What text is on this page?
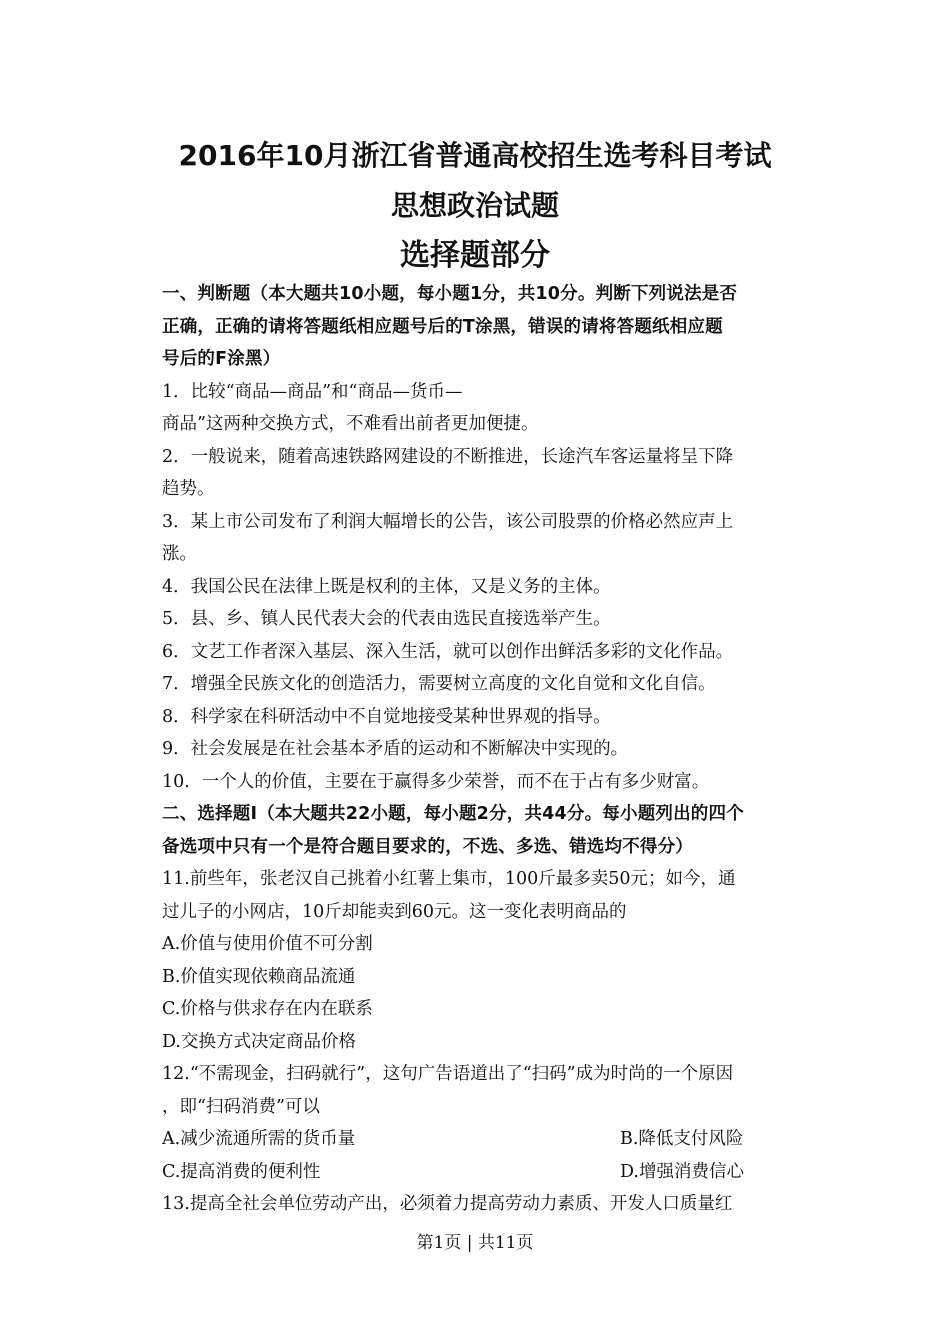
2016年10月浙江省普通高校招生选考科目考试
思想政治试题
选择题部分
一、判断题（本大题共10小题，每小题1分，共10分。判断下列说法是否
正确，正确的请将答题纸相应题号后的T涂黑，错误的请将答题纸相应题
号后的F涂黑）
1．比较“商品—商品”和“商品—货币—
商品”这两种交换方式，不难看出前者更加便捷。
2．一般说来，随着高速铁路网建设的不断推进，长途汽车客运量将呈下降
趋势。
3．某上市公司发布了利润大幅增长的公告，该公司股票的价格必然应声上
涨。
4．我国公民在法律上既是权利的主体，又是义务的主体。
5．县、乡、镇人民代表大会的代表由选民直接选举产生。
6．文艺工作者深入基层、深入生活，就可以创作出鲜活多彩的文化作品。
7．增强全民族文化的创造活力，需要树立高度的文化自觉和文化自信。
8．科学家在科研活动中不自觉地接受某种世界观的指导。
9．社会发展是在社会基本矛盾的运动和不断解决中实现的。
10．一个人的价值，主要在于赢得多少荣誉，而不在于占有多少财富。
二、选择题I（本大题共22小题，每小题2分，共44分。每小题列出的四个
备选项中只有一个是符合题目要求的，不选、多选、错选均不得分）
11.前些年，张老汉自己挑着小红薯上集市，100斤最多卖50元；如今，通
过儿子的小网店，10斤却能卖到60元。这一变化表明商品的
A.价值与使用价值不可分割
B.价值实现依赖商品流通
C.价格与供求存在内在联系
D.交换方式决定商品价格
12.“不需现金，扫码就行”，这句广告语道出了“扫码”成为时尚的一个原因
，即“扫码消费”可以
A.减少流通所需的货币量	B.降低支付风险
C.提高消费的便利性	D.增强消费信心
13.提高全社会单位劳动产出，必须着力提高劳动力素质、开发人口质量红
第1页 | 共11页
